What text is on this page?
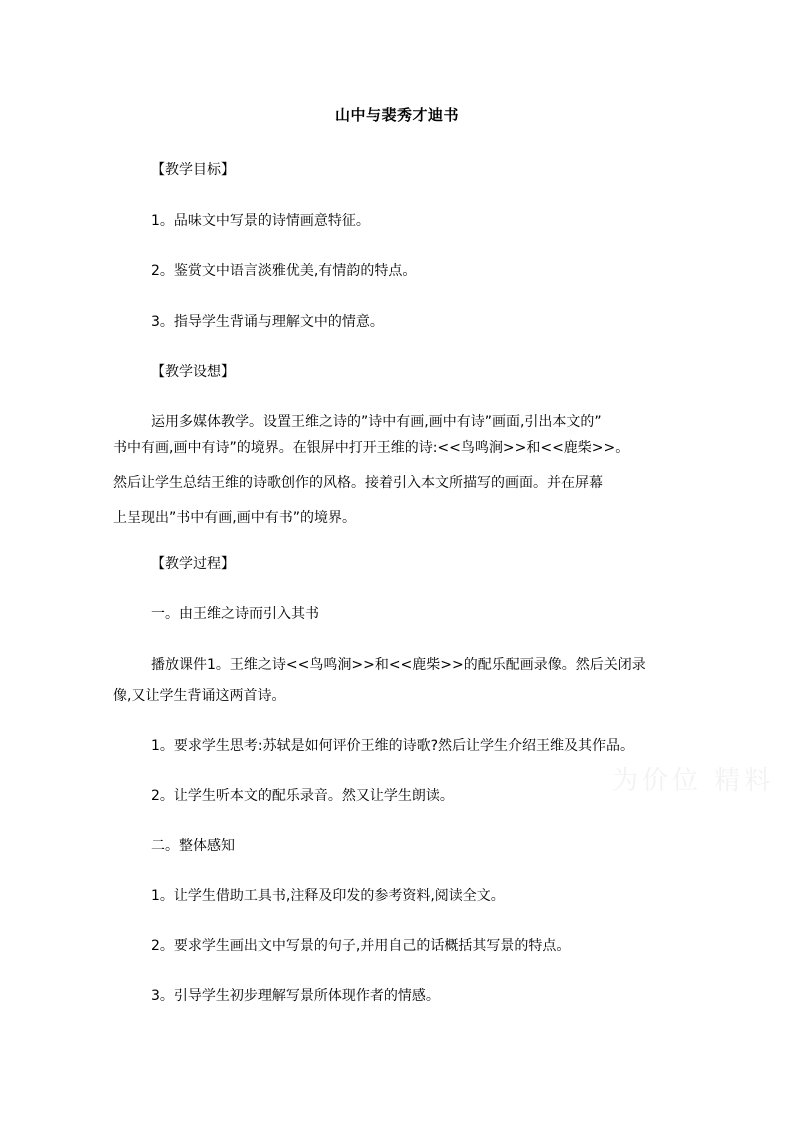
山中与裴秀才迪书
【教学目标】
1。品味文中写景的诗情画意特征。
2。鉴赏文中语言淡雅优美,有情韵的特点。
3。指导学生背诵与理解文中的情意。
【教学设想】
运用多媒体教学。设置王维之诗的”诗中有画,画中有诗”画面,引出本文的”
书中有画,画中有诗”的境界。在银屏中打开王维的诗:<<鸟鸣涧>>和<<鹿柴>>。
然后让学生总结王维的诗歌创作的风格。接着引入本文所描写的画面。并在屏幕
上呈现出”书中有画,画中有书”的境界。
【教学过程】
一。由王维之诗而引入其书
播放课件1。王维之诗<<鸟鸣涧>>和<<鹿柴>>的配乐配画录像。然后关闭录
像,又让学生背诵这两首诗。
1。要求学生思考:苏轼是如何评价王维的诗歌?然后让学生介绍王维及其作品。
2。让学生听本文的配乐录音。然又让学生朗读。
二。整体感知
1。让学生借助工具书,注释及印发的参考资料,阅读全文。
2。要求学生画出文中写景的句子,并用自己的话概括其写景的特点。
3。引导学生初步理解写景所体现作者的情感。
为价位 精料
